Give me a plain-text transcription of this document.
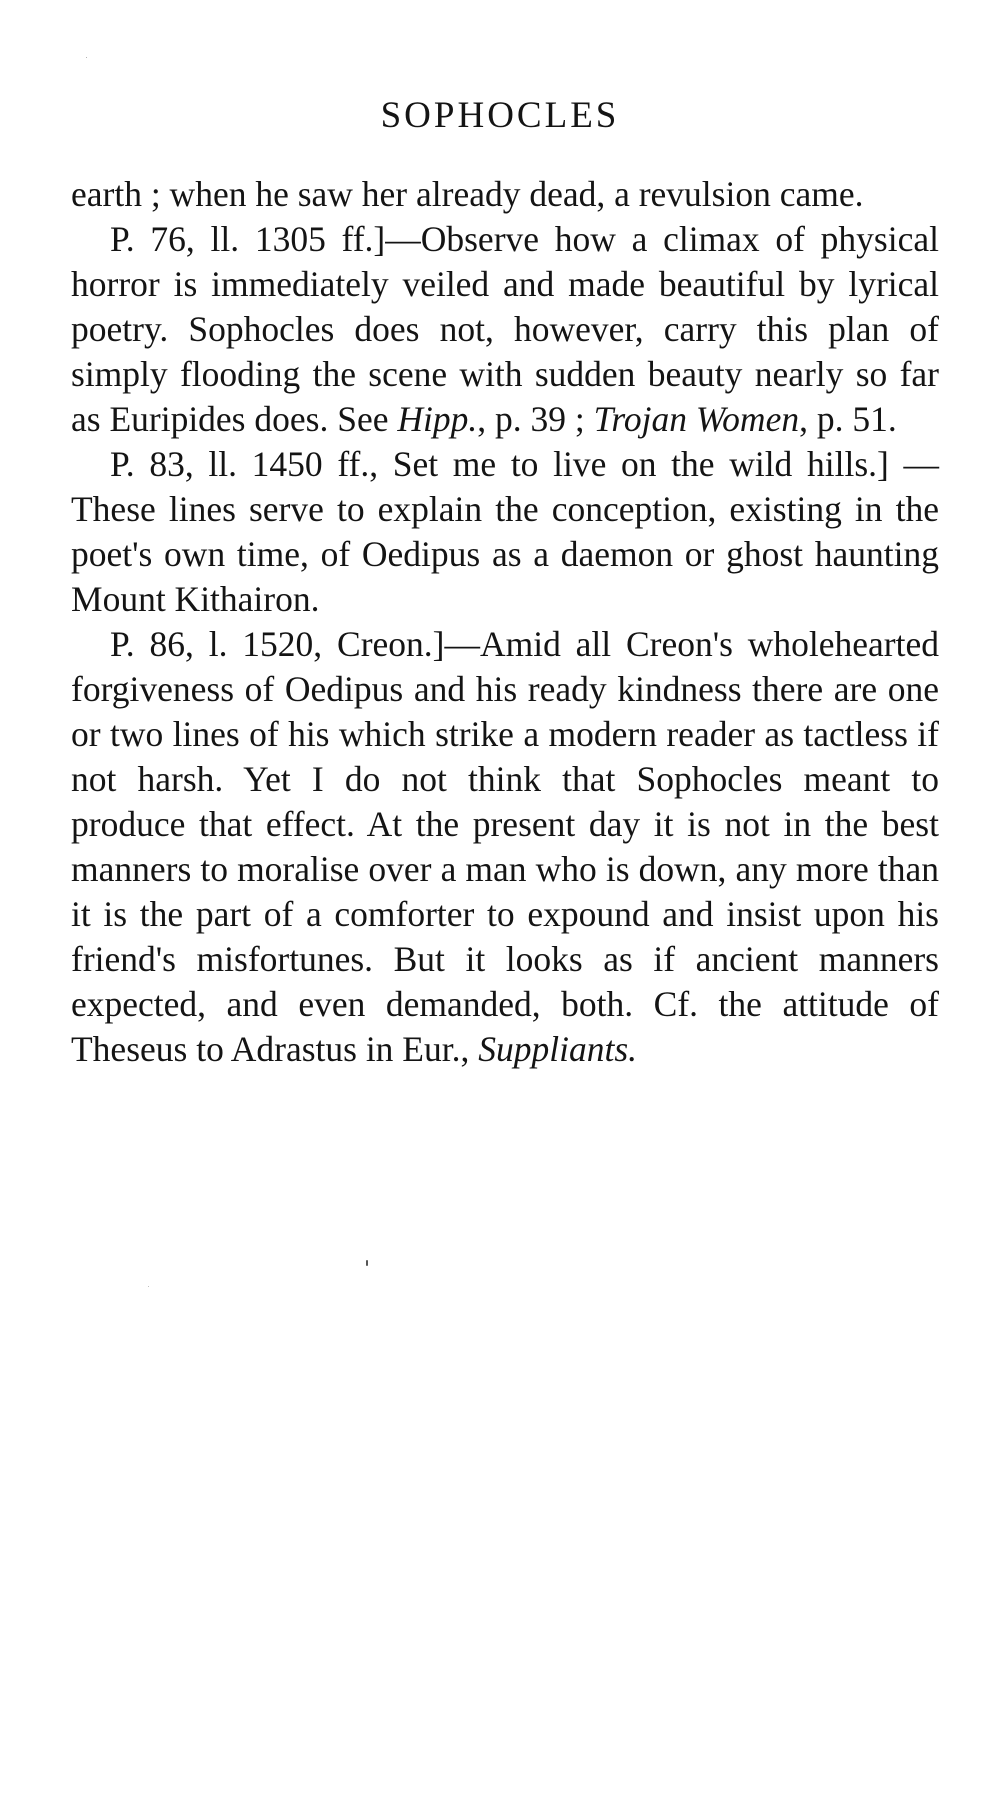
SOPHOCLES

earth ; when he saw her already dead, a revulsion came.

P. 76, ll. 1305 ff.]—Observe how a climax of physical horror is immediately veiled and made beautiful by lyrical poetry. Sophocles does not, however, carry this plan of simply flooding the scene with sudden beauty nearly so far as Euripides does. See Hipp., p. 39 ; Trojan Women, p. 51.

P. 83, ll. 1450 ff., Set me to live on the wild hills.] —These lines serve to explain the conception, existing in the poet's own time, of Oedipus as a daemon or ghost haunting Mount Kithairon.

P. 86, l. 1520, Creon.]—Amid all Creon's wholehearted forgiveness of Oedipus and his ready kindness there are one or two lines of his which strike a modern reader as tactless if not harsh. Yet I do not think that Sophocles meant to produce that effect. At the present day it is not in the best manners to moralise over a man who is down, any more than it is the part of a comforter to expound and insist upon his friend's misfortunes. But it looks as if ancient manners expected, and even demanded, both. Cf. the attitude of Theseus to Adrastus in Eur., Suppliants.
